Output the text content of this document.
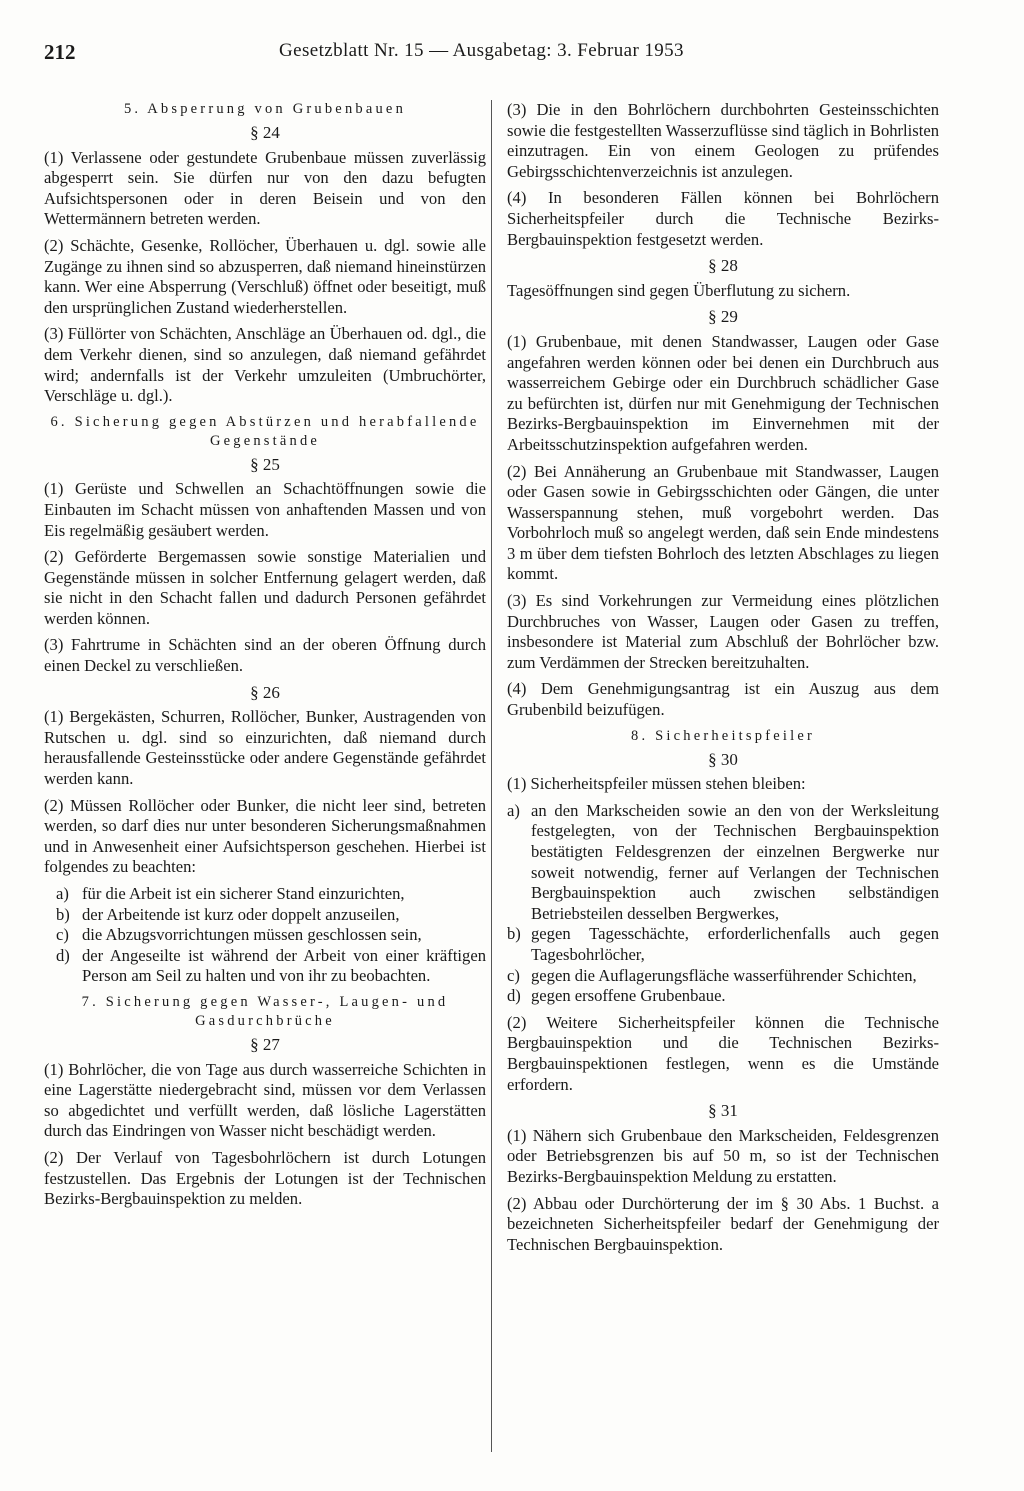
212	Gesetzblatt Nr. 15 — Ausgabetag: 3. Februar 1953
5. Absperrung von Grubenbauen
§ 24

(1) Verlassene oder gestundete Grubenbaue müssen zuverlässig abgesperrt sein. Sie dürfen nur von den dazu befugten Aufsichtspersonen oder in deren Beisein und von den Wettermännern betreten werden.

(2) Schächte, Gesenke, Rollöcher, Überhauen u. dgl. sowie alle Zugänge zu ihnen sind so abzusperren, daß niemand hineinstürzen kann. Wer eine Absperrung (Verschluß) öffnet oder beseitigt, muß den ursprünglichen Zustand wiederherstellen.

(3) Füllörter von Schächten, Anschläge an Überhauen od. dgl., die dem Verkehr dienen, sind so anzulegen, daß niemand gefährdet wird; andernfalls ist der Verkehr umzuleiten (Umbruchörter, Verschläge u. dgl.).

6. Sicherung gegen Abstürzen und herabfallende Gegenstände
§ 25

(1) Gerüste und Schwellen an Schachtöffnungen sowie die Einbauten im Schacht müssen von anhaftenden Massen und von Eis regelmäßig gesäubert werden.

(2) Geförderte Bergemassen sowie sonstige Materialien und Gegenstände müssen in solcher Entfernung gelagert werden, daß sie nicht in den Schacht fallen und dadurch Personen gefährdet werden können.

(3) Fahrtrume in Schächten sind an der oberen Öffnung durch einen Deckel zu verschließen.

§ 26

(1) Bergekästen, Schurren, Rollöcher, Bunker, Austragenden von Rutschen u. dgl. sind so einzurichten, daß niemand durch herausfallende Gesteinsstücke oder andere Gegenstände gefährdet werden kann.

(2) Müssen Rollöcher oder Bunker, die nicht leer sind, betreten werden, so darf dies nur unter besonderen Sicherungsmaßnahmen und in Anwesenheit einer Aufsichtsperson geschehen. Hierbei ist folgendes zu beachten:

a) für die Arbeit ist ein sicherer Stand einzurichten,
b) der Arbeitende ist kurz oder doppelt anzuseilen,
c) die Abzugsvorrichtungen müssen geschlossen sein,
d) der Angeseilte ist während der Arbeit von einer kräftigen Person am Seil zu halten und von ihr zu beobachten.
7. Sicherung gegen Wasser-, Laugen- und Gasdurchbrüche
§ 27

(1) Bohrlöcher, die von Tage aus durch wasserreiche Schichten in eine Lagerstätte niedergebracht sind, müssen vor dem Verlassen so abgedichtet und verfüllt werden, daß lösliche Lagerstätten durch das Eindringen von Wasser nicht beschädigt werden.

(2) Der Verlauf von Tagesbohrlöchern ist durch Lotungen festzustellen. Das Ergebnis der Lotungen ist der Technischen Bezirks-Bergbauinspektion zu melden.

(3) Die in den Bohrlöchern durchbohrten Gesteinsschichten sowie die festgestellten Wasserzuflüsse sind täglich in Bohrlisten einzutragen. Ein von einem Geologen zu prüfendes Gebirgsschichtenverzeichnis ist anzulegen.

(4) In besonderen Fällen können bei Bohrlöchern Sicherheitspfeiler durch die Technische Bezirks-Bergbauinspektion festgesetzt werden.

§ 28

Tagesöffnungen sind gegen Überflutung zu sichern.

§ 29

(1) Grubenbaue, mit denen Standwasser, Laugen oder Gase angefahren werden können oder bei denen ein Durchbruch aus wasserreichem Gebirge oder ein Durchbruch schädlicher Gase zu befürchten ist, dürfen nur mit Genehmigung der Technischen Bezirks-Bergbauinspektion im Einvernehmen mit der Arbeitsschutzinspektion aufgefahren werden.

(2) Bei Annäherung an Grubenbaue mit Standwasser, Laugen oder Gasen sowie in Gebirgsschichten oder Gängen, die unter Wasserspannung stehen, muß vorgebohrt werden. Das Vorbohrloch muß so angelegt werden, daß sein Ende mindestens 3 m über dem tiefsten Bohrloch des letzten Abschlages zu liegen kommt.

(3) Es sind Vorkehrungen zur Vermeidung eines plötzlichen Durchbruches von Wasser, Laugen oder Gasen zu treffen, insbesondere ist Material zum Abschluß der Bohrlöcher bzw. zum Verdämmen der Strecken bereitzuhalten.

(4) Dem Genehmigungsantrag ist ein Auszug aus dem Grubenbild beizufügen.

8. Sicherheitspfeiler
§ 30

(1) Sicherheitspfeiler müssen stehen bleiben:

a) an den Markscheiden sowie an den von der Werksleitung festgelegten, von der Technischen Bergbauinspektion bestätigten Feldesgrenzen der einzelnen Bergwerke nur soweit notwendig, ferner auf Verlangen der Technischen Bergbauinspektion auch zwischen selbständigen Betriebsteilen desselben Bergwerkes,
b) gegen Tagesschächte, erforderlichenfalls auch gegen Tagesbohrlöcher,
c) gegen die Auflagerungsfläche wasserführender Schichten,
d) gegen ersoffene Grubenbaue.

(2) Weitere Sicherheitspfeiler können die Technische Bergbauinspektion und die Technischen Bezirks-Bergbauinspektionen festlegen, wenn es die Umstände erfordern.

§ 31

(1) Nähern sich Grubenbaue den Markscheiden, Feldesgrenzen oder Betriebsgrenzen bis auf 50 m, so ist der Technischen Bezirks-Bergbauinspektion Meldung zu erstatten.

(2) Abbau oder Durchörterung der im § 30 Abs. 1 Buchst. a bezeichneten Sicherheitspfeiler bedarf der Genehmigung der Technischen Bergbauinspektion.
